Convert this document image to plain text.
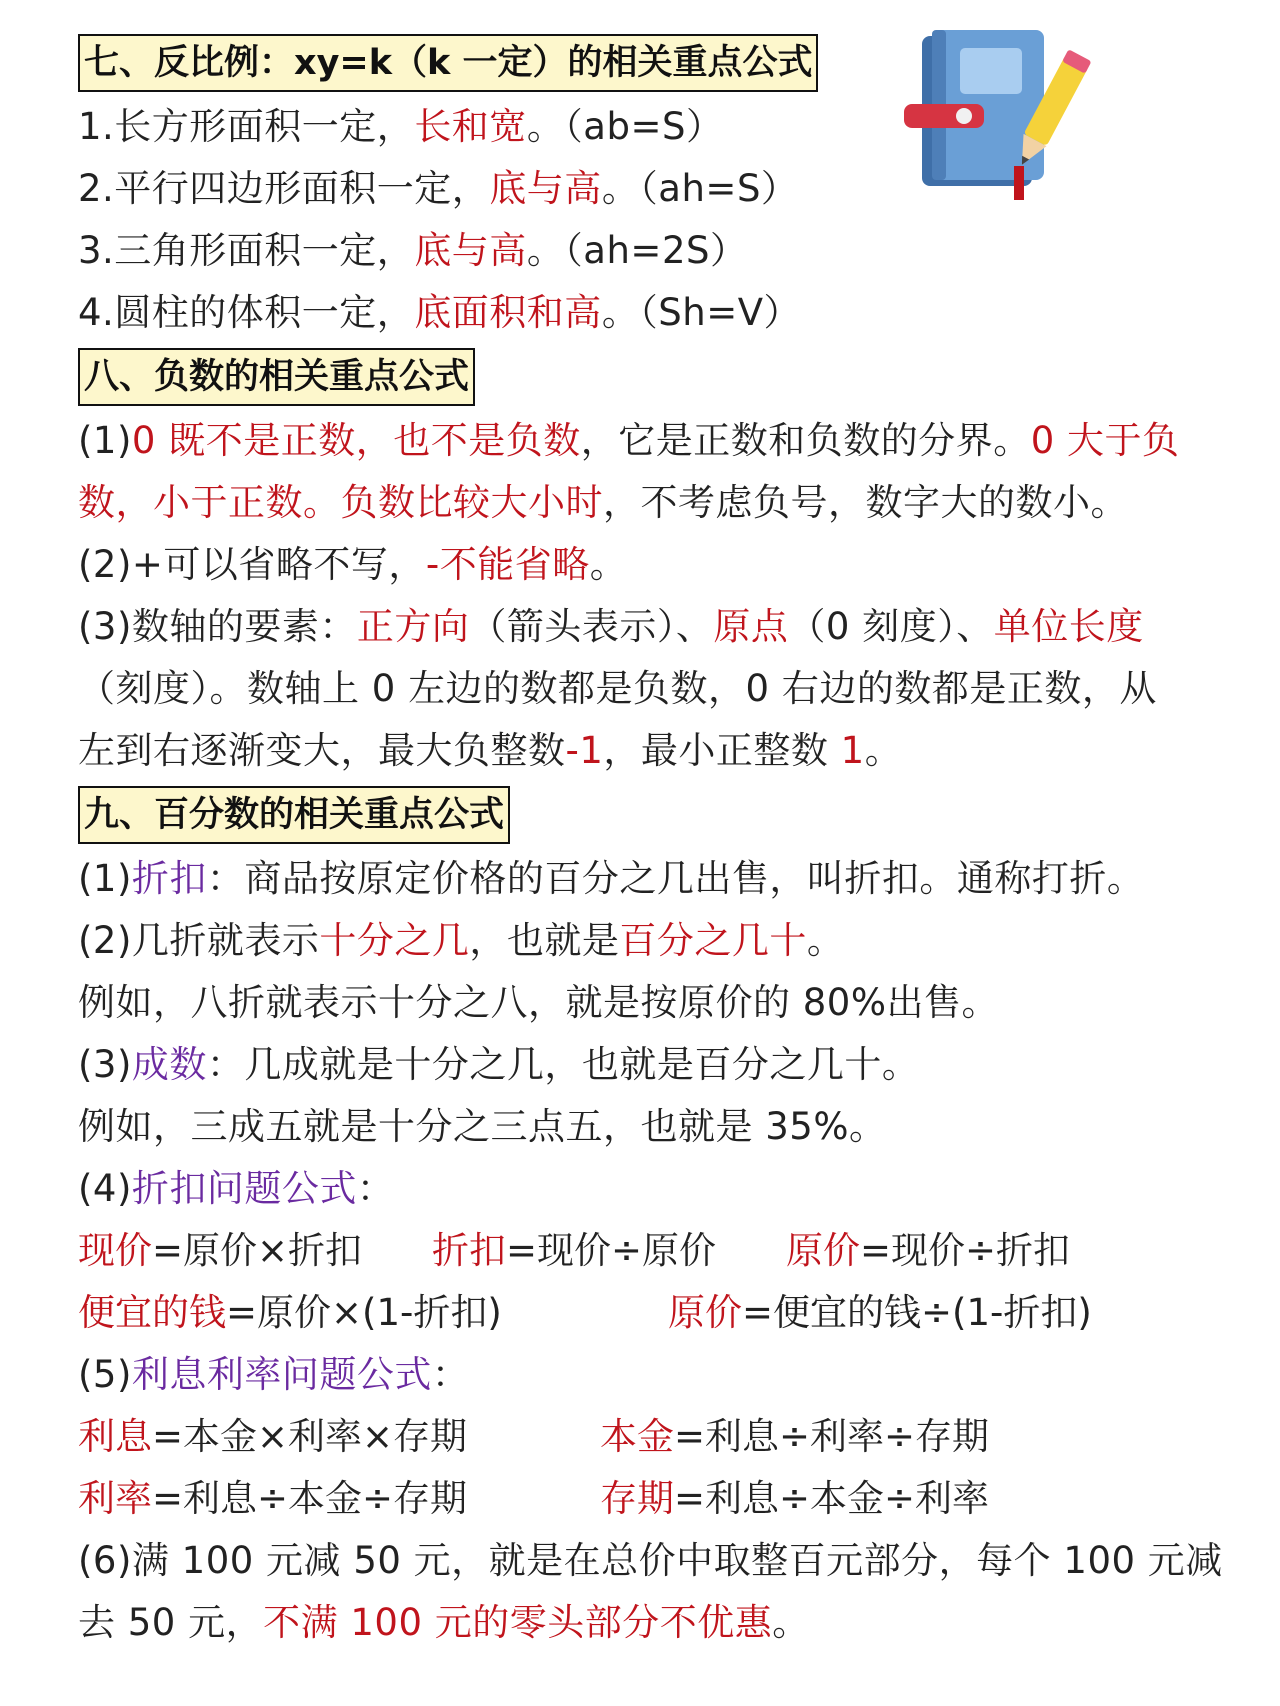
七、反比例：xy=k（k 一定）的相关重点公式
1.长方形面积一定，长和宽。（ab=S）
2.平行四边形面积一定，底与高。（ah=S）
3.三角形面积一定，底与高。（ah=2S）
4.圆柱的体积一定，底面积和高。（Sh=V）
八、负数的相关重点公式
(1)0 既不是正数，也不是负数，它是正数和负数的分界。0 大于负
数，小于正数。负数比较大小时，不考虑负号，数字大的数小。
(2)+可以省略不写，-不能省略。
(3)数轴的要素：正方向（箭头表示）、原点（0 刻度）、单位长度
（刻度）。数轴上 0 左边的数都是负数，0 右边的数都是正数，从
左到右逐渐变大，最大负整数-1，最小正整数 1。
九、百分数的相关重点公式
(1)折扣：商品按原定价格的百分之几出售，叫折扣。通称打折。
(2)几折就表示十分之几，也就是百分之几十。
例如，八折就表示十分之八，就是按原价的 80%出售。
(3)成数：几成就是十分之几，也就是百分之几十。
例如，三成五就是十分之三点五，也就是 35%。
(4)折扣问题公式：
现价=原价×折扣 折扣=现价÷原价 原价=现价÷折扣
便宜的钱=原价×(1-折扣)	原价=便宜的钱÷(1-折扣)
(5)利息利率问题公式：
利息=本金×利率×存期	本金=利息÷利率÷存期
利率=利息÷本金÷存期	存期=利息÷本金÷利率
(6)满 100 元减 50 元，就是在总价中取整百元部分，每个 100 元减
去 50 元，不满 100 元的零头部分不优惠。
